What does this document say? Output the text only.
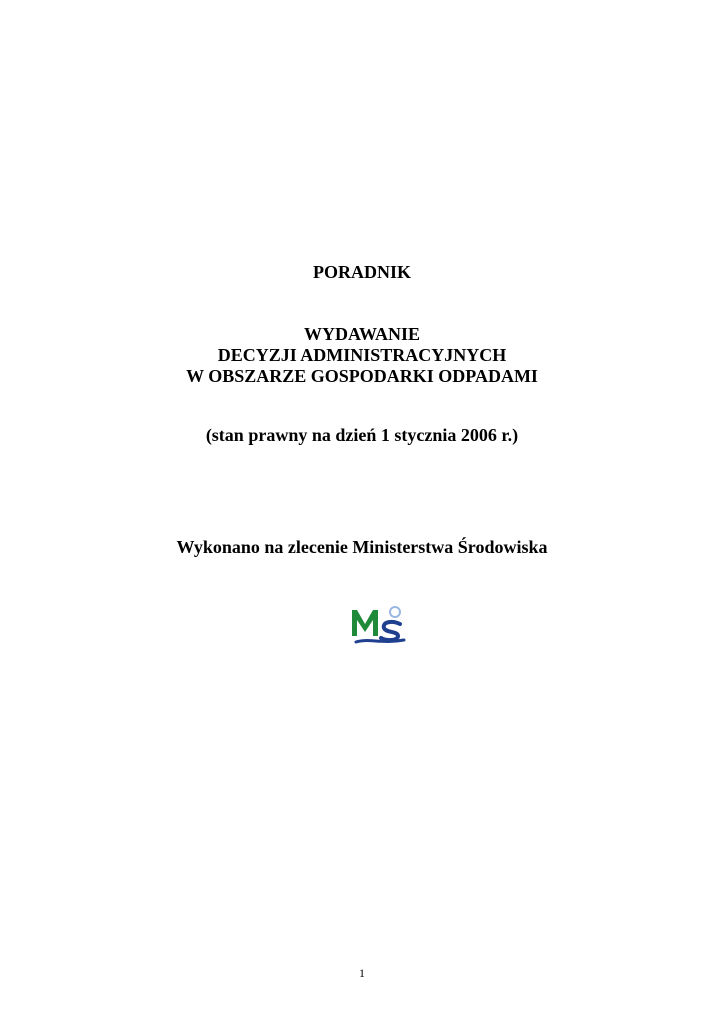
PORADNIK
WYDAWANIE
DECYZJI ADMINISTRACYJNYCH
W OBSZARZE GOSPODARKI ODPADAMI
(stan prawny na dzień 1 stycznia 2006 r.)
Wykonano na zlecenie Ministerstwa Środowiska
1
